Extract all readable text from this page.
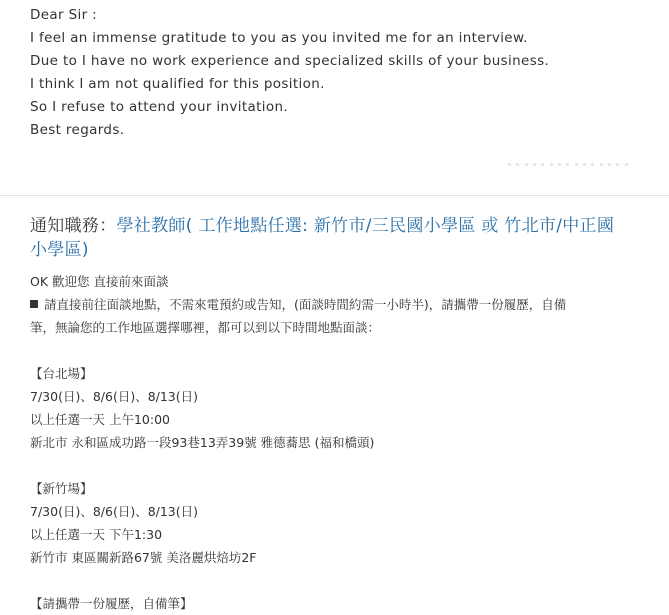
Dear Sir :

I feel an immense gratitude to you as you invited me for an interview.

Due to I have no work experience and specialized skills of your business.

I think I am not qualified for this position.

So I refuse to attend your invitation.

Best regards.

通知職務：學社教師( 工作地點任選: 新竹市/三民國小學區 或 竹北市/中正國小學區)

OK 歡迎您 直接前來面談

請直接前往面談地點，不需來電預約或告知，(面談時間約需一小時半)，請攜帶一份履歷，自備筆，無論您的工作地區選擇哪裡，都可以到以下時間地點面談：

【台北場】

7/30(日)、8/6(日)、8/13(日)

以上任選一天 上午10:00

新北市 永和區成功路一段93巷13弄39號 雅德蕎思 (福和橋頭)

【新竹場】

7/30(日)、8/6(日)、8/13(日)

以上任選一天 下午1:30

新竹市 東區關新路67號 美洛麗烘焙坊2F

【請攜帶一份履歷，自備筆】
